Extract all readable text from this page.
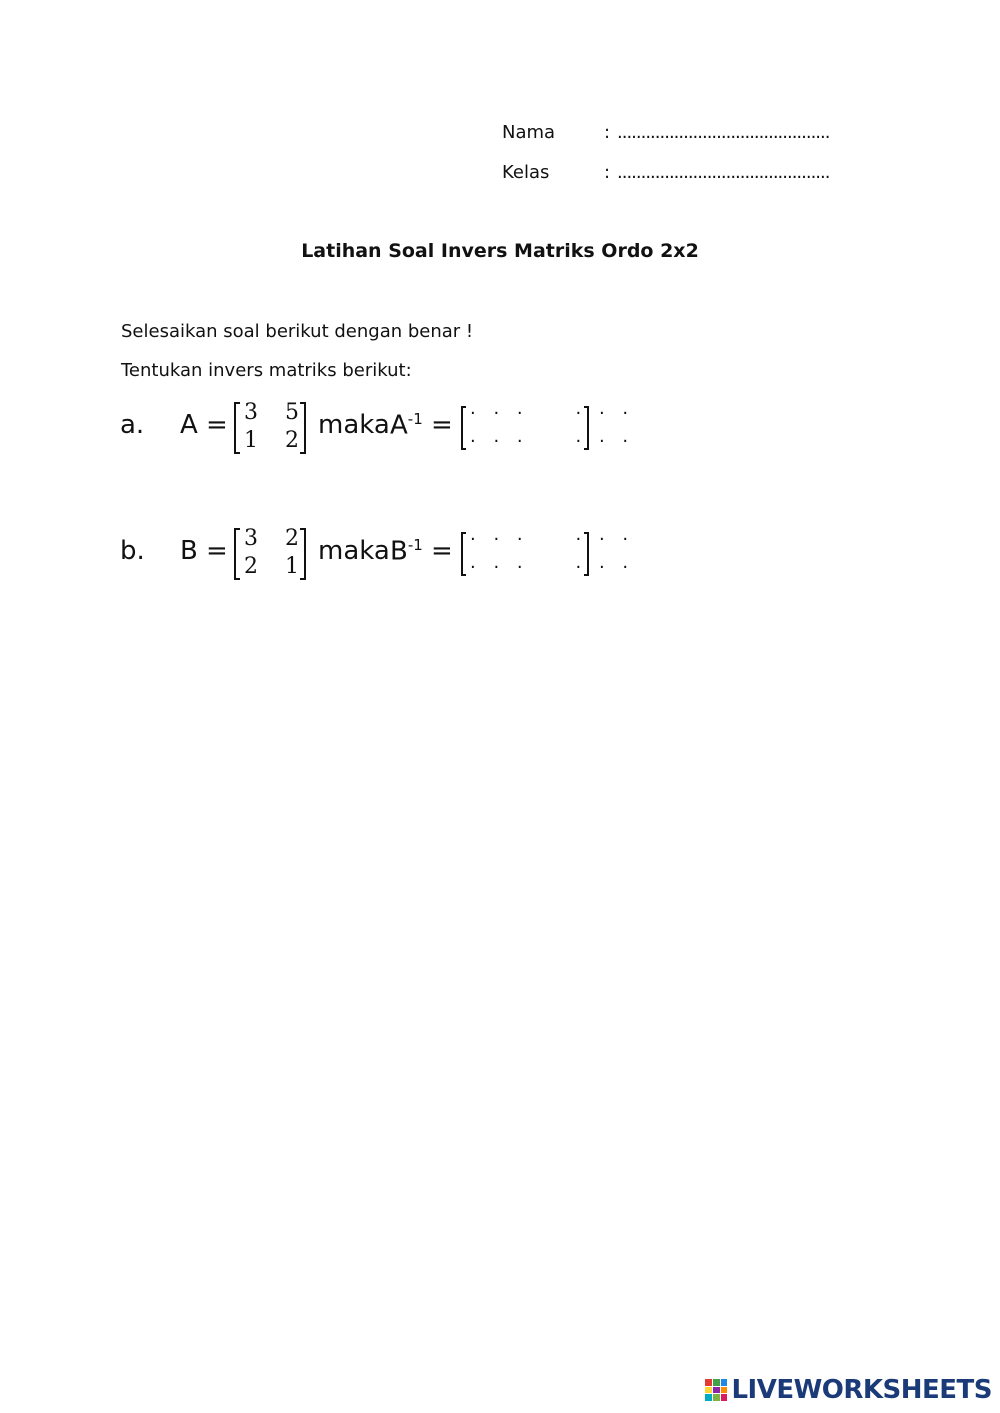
Nama	: .............................................
Kelas	: .............................................
Latihan Soal Invers Matriks Ordo 2x2
Selesaikan soal berikut dengan benar !
Tentukan invers matriks berikut:
a. A = 3 5
1 2
maka $A^{-1}$ =
. . .    . . .
. . .    . . .
b. B = 3 2
2 1
maka $B^{-1}$ =
. . .    . . .
. . .    . . .
LIVEWORKSHEETS
